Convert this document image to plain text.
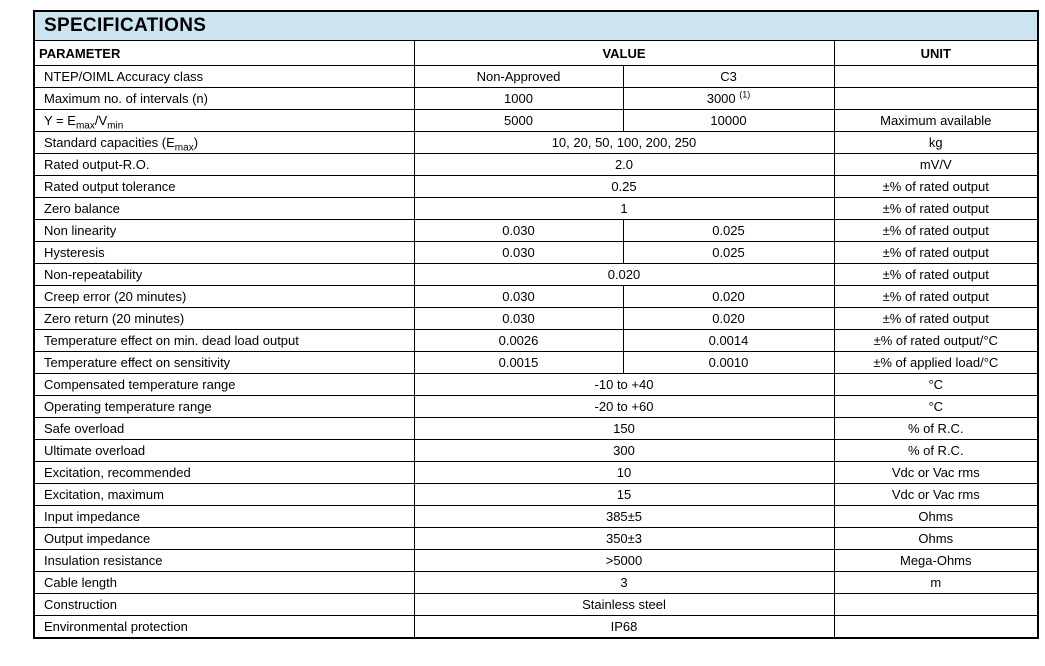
SPECIFICATIONS			
PARAMETER	VALUE		UNIT
NTEP/OIML Accuracy class	Non-Approved	C3	
Maximum no. of intervals (n)	1000	3000 $^{(1)}$	
$Y = E_{max}/V_{min}$	5000	10000	Maximum available
Standard capacities $(E_{max})$	10, 20, 50, 100, 200, 250		kg
Rated output-R.O.	2.0		mV/V
Rated output tolerance	0.25		±% of rated output
Zero balance	1		±% of rated output
Non linearity	0.030	0.025	±% of rated output
Hysteresis	0.030	0.025	±% of rated output
Non-repeatability	0.020		±% of rated output
Creep error (20 minutes)	0.030	0.020	±% of rated output
Zero return (20 minutes)	0.030	0.020	±% of rated output
Temperature effect on min. dead load output	0.0026	0.0014	±% of rated output/°C
Temperature effect on sensitivity	0.0015	0.0010	±% of applied load/°C
Compensated temperature range	-10 to +40		°C
Operating temperature range	-20 to +60		°C
Safe overload	150		% of R.C.
Ultimate overload	300		% of R.C.
Excitation, recommended	10		Vdc or Vac rms
Excitation, maximum	15		Vdc or Vac rms
Input impedance	385±5		Ohms
Output impedance	350±3		Ohms
Insulation resistance	>5000		Mega-Ohms
Cable length	3		m
Construction	Stainless steel		
Environmental protection	IP68		
